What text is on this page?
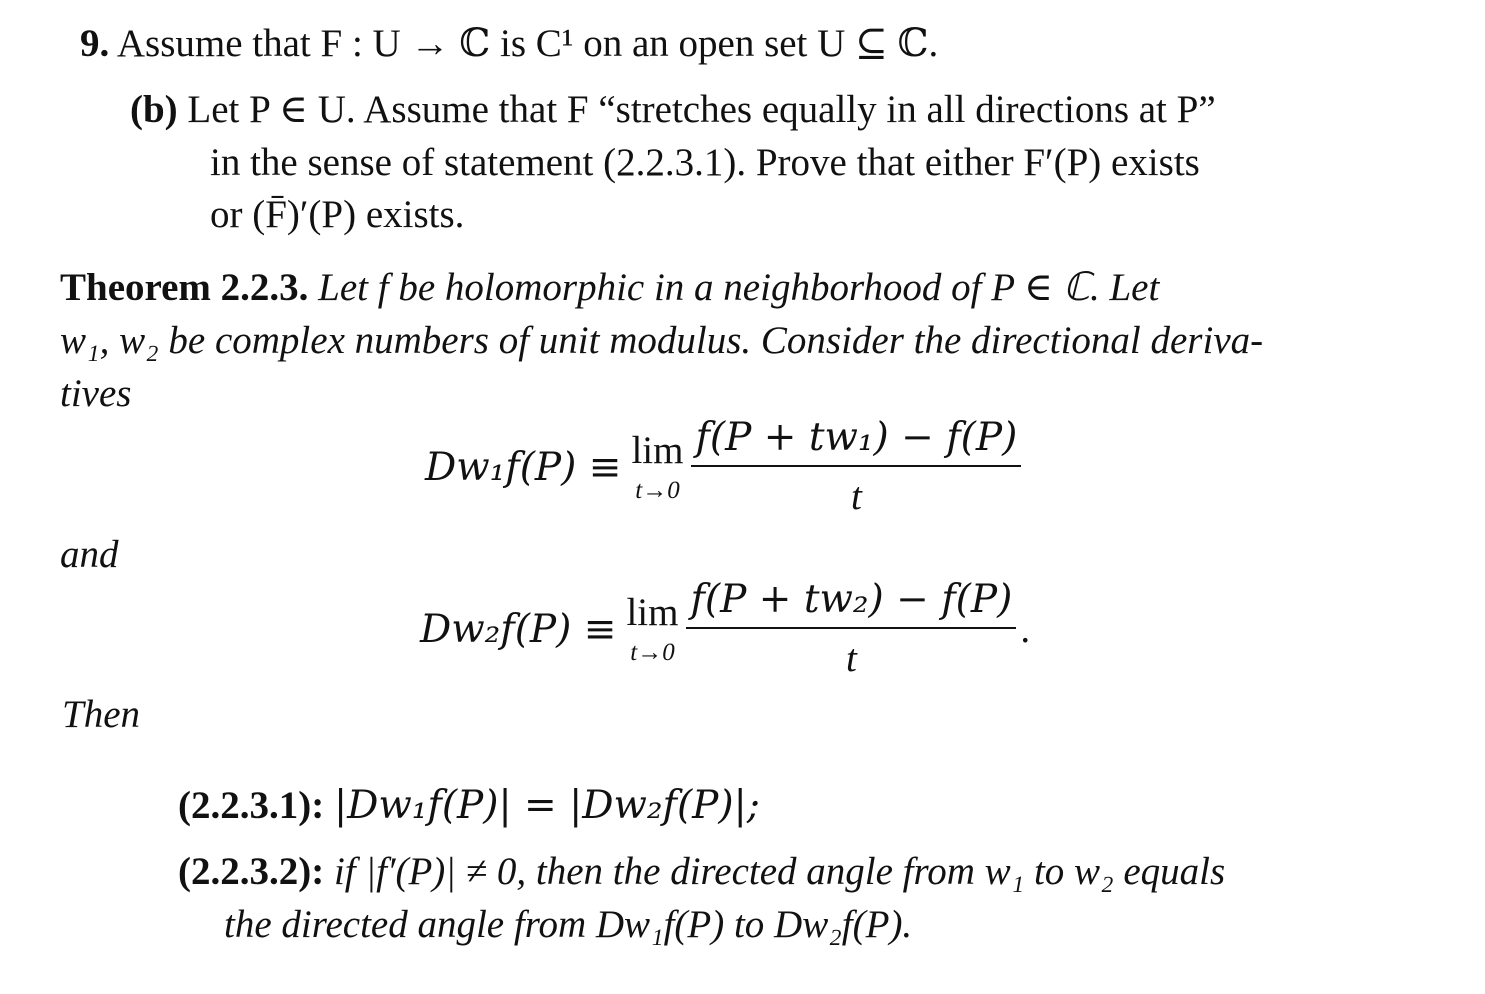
9. Assume that F : U → ℂ is C¹ on an open set U ⊆ ℂ.
(b) Let P ∈ U. Assume that F “stretches equally in all directions at P”
in the sense of statement (2.2.3.1). Prove that either F′(P) exists
or (F̄)′(P) exists.
Theorem 2.2.3. Let f be holomorphic in a neighborhood of P ∈ ℂ. Let
w₁, w₂ be complex numbers of unit modulus. Consider the directional deriva-
tives
Dw₁f(P) ≡ lim
$t\to 0 \frac{\text{f(P + tw₁) − f(P)}}{t}$
and
Dw₂f(P) ≡ lim
$t\to 0 \frac{\text{f(P + tw₂) − f(P)}}{t}$ .
Then
(2.2.3.1): |Dw₁f(P)| = |Dw₂f(P)|;
(2.2.3.2): if |f′(P)| ≠ 0, then the directed angle from w₁ to w₂ equals
the directed angle from Dw₁f(P) to Dw₂f(P).
